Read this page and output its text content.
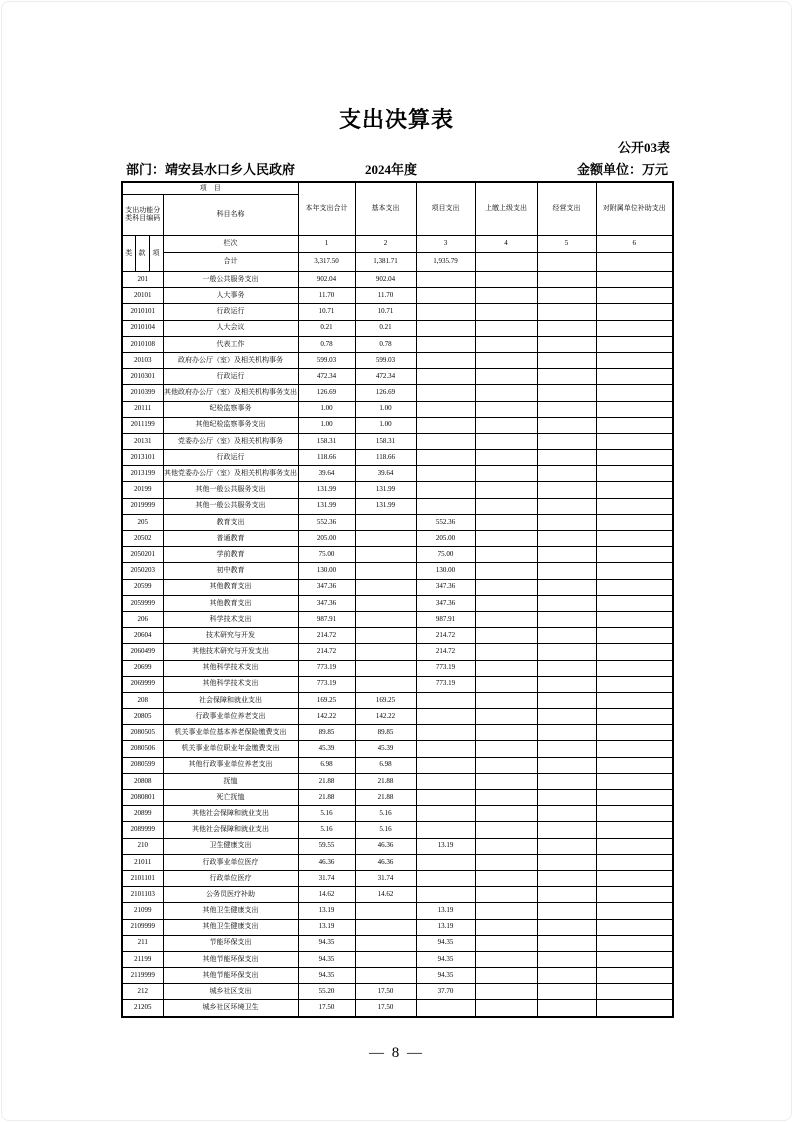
支出决算表
公开03表
部门：靖安县水口乡人民政府	2024年度	金额单位：万元
项　目				本年支出合计	基本支出	项目支出	上缴上级支出	经营支出	对附属单位补助支出

支出功能分
类科目编码			科目名称						
类	款	项	栏次	1	2	3	4	5	6
			合计	3,317.50	1,381.71	1,935.79			
201			一般公共服务支出	902.04	902.04				
20101			人大事务	11.70	11.70				
2010101			行政运行	10.71	10.71				
2010104			人大会议	0.21	0.21				
2010108			代表工作	0.78	0.78				
20103			政府办公厅（室）及相关机构事务	599.03	599.03				
2010301			行政运行	472.34	472.34				
2010399			其他政府办公厅（室）及相关机构事务支出	126.69	126.69				
20111			纪检监察事务	1.00	1.00				
2011199			其他纪检监察事务支出	1.00	1.00				
20131			党委办公厅（室）及相关机构事务	158.31	158.31				
2013101			行政运行	118.66	118.66				
2013199			其他党委办公厅（室）及相关机构事务支出	39.64	39.64				
20199			其他一般公共服务支出	131.99	131.99				
2019999			其他一般公共服务支出	131.99	131.99				
205			教育支出	552.36		552.36			
20502			普通教育	205.00		205.00			
2050201			学前教育	75.00		75.00			
2050203			初中教育	130.00		130.00			
20599			其他教育支出	347.36		347.36			
2059999			其他教育支出	347.36		347.36			
206			科学技术支出	987.91		987.91			
20604			技术研究与开发	214.72		214.72			
2060499			其他技术研究与开发支出	214.72		214.72			
20699			其他科学技术支出	773.19		773.19			
2069999			其他科学技术支出	773.19		773.19			
208			社会保障和就业支出	169.25	169.25				
20805			行政事业单位养老支出	142.22	142.22				
2080505			机关事业单位基本养老保险缴费支出	89.85	89.85				
2080506			机关事业单位职业年金缴费支出	45.39	45.39				
2080599			其他行政事业单位养老支出	6.98	6.98				
20808			抚恤	21.88	21.88				
2080801			死亡抚恤	21.88	21.88				
20899			其他社会保障和就业支出	5.16	5.16				
2089999			其他社会保障和就业支出	5.16	5.16				
210			卫生健康支出	59.55	46.36	13.19			
21011			行政事业单位医疗	46.36	46.36				
2101101			行政单位医疗	31.74	31.74				
2101103			公务员医疗补助	14.62	14.62				
21099			其他卫生健康支出	13.19		13.19			
2109999			其他卫生健康支出	13.19		13.19			
211			节能环保支出	94.35		94.35			
21199			其他节能环保支出	94.35		94.35			
2119999			其他节能环保支出	94.35		94.35			
212			城乡社区支出	55.20	17.50	37.70			
21205			城乡社区环境卫生	17.50	17.50				
— 8 —
